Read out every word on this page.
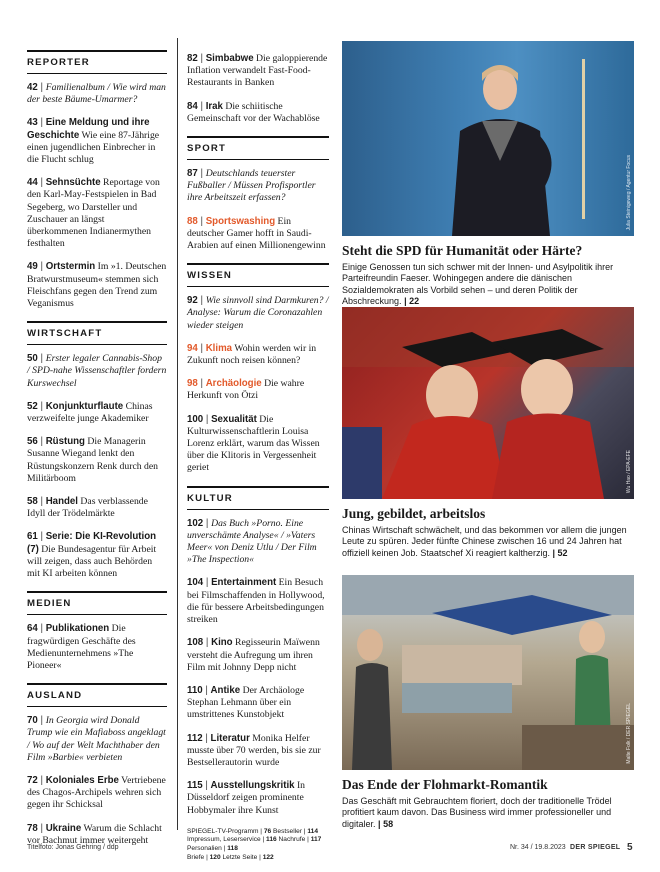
REPORTER
42 | Familienalbum / Wie wird man der beste Bäume-Umarmer?
43 | Eine Meldung und ihre Geschichte Wie eine 87-Jährige einen jugendlichen Einbrecher in die Flucht schlug
44 | Sehnsüchte Reportage von den Karl-May-Festspielen in Bad Segeberg, wo Darsteller und Zuschauer an längst überkommenen Indianermythen festhalten
49 | Ortstermin Im »1. Deutschen Bratwurstmuseum« stemmen sich Fleischfans gegen den Trend zum Veganismus
WIRTSCHAFT
50 | Erster legaler Cannabis-Shop / SPD-nahe Wissenschaftler fordern Kurswechsel
52 | Konjunkturflaute Chinas verzweifelte junge Akademiker
56 | Rüstung Die Managerin Susanne Wiegand lenkt den Rüstungskonzern Renk durch den Militärboom
58 | Handel Das verblassende Idyll der Trödelmärkte
61 | Serie: Die KI-Revolution (7) Die Bundesagentur für Arbeit will zeigen, dass auch Behörden mit KI arbeiten können
MEDIEN
64 | Publikationen Die fragwürdigen Geschäfte des Medienunternehmens »The Pioneer«
AUSLAND
70 | In Georgia wird Donald Trump wie ein Mafiaboss angeklagt / Wo auf der Welt Machthaber den Film »Barbie« verbieten
72 | Koloniales Erbe Vertriebene des Chagos-Archipels wehren sich gegen ihr Schicksal
78 | Ukraine Warum die Schlacht vor Bachmut immer weitergeht
82 | Simbabwe Die galoppierende Inflation verwandelt Fast-Food-Restaurants in Banken
84 | Irak Die schiitische Gemeinschaft vor der Wachablöse
SPORT
87 | Deutschlands teuerster Fußballer / Müssen Profisportler ihre Arbeitszeit erfassen?
88 | Sportswashing Ein deutscher Gamer hofft in Saudi-Arabien auf einen Millionengewinn
WISSEN
92 | Wie sinnvoll sind Darmkuren? / Analyse: Warum die Coronazahlen wieder steigen
94 | Klima Wohin werden wir in Zukunft noch reisen können?
98 | Archäologie Die wahre Herkunft von Ötzi
100 | Sexualität Die Kulturwissenschaftlerin Louisa Lorenz erklärt, warum das Wissen über die Klitoris in Vergessenheit geriet
KULTUR
102 | Das Buch »Porno. Eine unverschämte Analyse« / »Vaters Meer« von Deniz Utlu / Der Film »The Inspection«
104 | Entertainment Ein Besuch bei Filmschaffenden in Hollywood, die für bessere Arbeitsbedingungen streiken
108 | Kino Regisseurin Maïwenn versteht die Aufregung um ihren Film mit Johnny Depp nicht
110 | Antike Der Archäologe Stephan Lehmann über ein umstrittenes Kunstobjekt
112 | Literatur Monika Helfer musste über 70 werden, bis sie zur Bestsellerautorin wurde
115 | Ausstellungskritik In Düsseldorf zeigen prominente Hobbymaler ihre Kunst
SPIEGEL-TV-Programm | 76 Bestseller | 114
Impressum, Leserservice | 116 Nachrufe | 117 Personalien | 118
Briefe | 120 Letzte Seite | 122
Julia Steinigeweg / Agentur Focus
Steht die SPD für Humanität oder Härte?
Einige Genossen tun sich schwer mit der Innen- und Asylpolitik ihrer Parteifreundin Faeser. Wohingegen andere die dänischen Sozialdemokraten als Vorbild sehen – und deren Politik der Abschreckung. | 22
Wu Hao / EPA-EFE
Jung, gebildet, arbeitslos
Chinas Wirtschaft schwächelt, und das bekommen vor allem die jungen Leute zu spüren. Jeder fünfte Chinese zwischen 16 und 24 Jahren hat offiziell keinen Job. Staatschef Xi reagiert kaltherzig. | 52
Malte Folk / DER SPIEGEL
Das Ende der Flohmarkt-Romantik
Das Geschäft mit Gebrauchtem floriert, doch der traditionelle Trödel profitiert kaum davon. Das Business wird immer professioneller und digitaler. | 58
Titelfoto: Jonas Gehring / ddp	Nr. 34 / 19.8.2023 DER SPIEGEL 5
